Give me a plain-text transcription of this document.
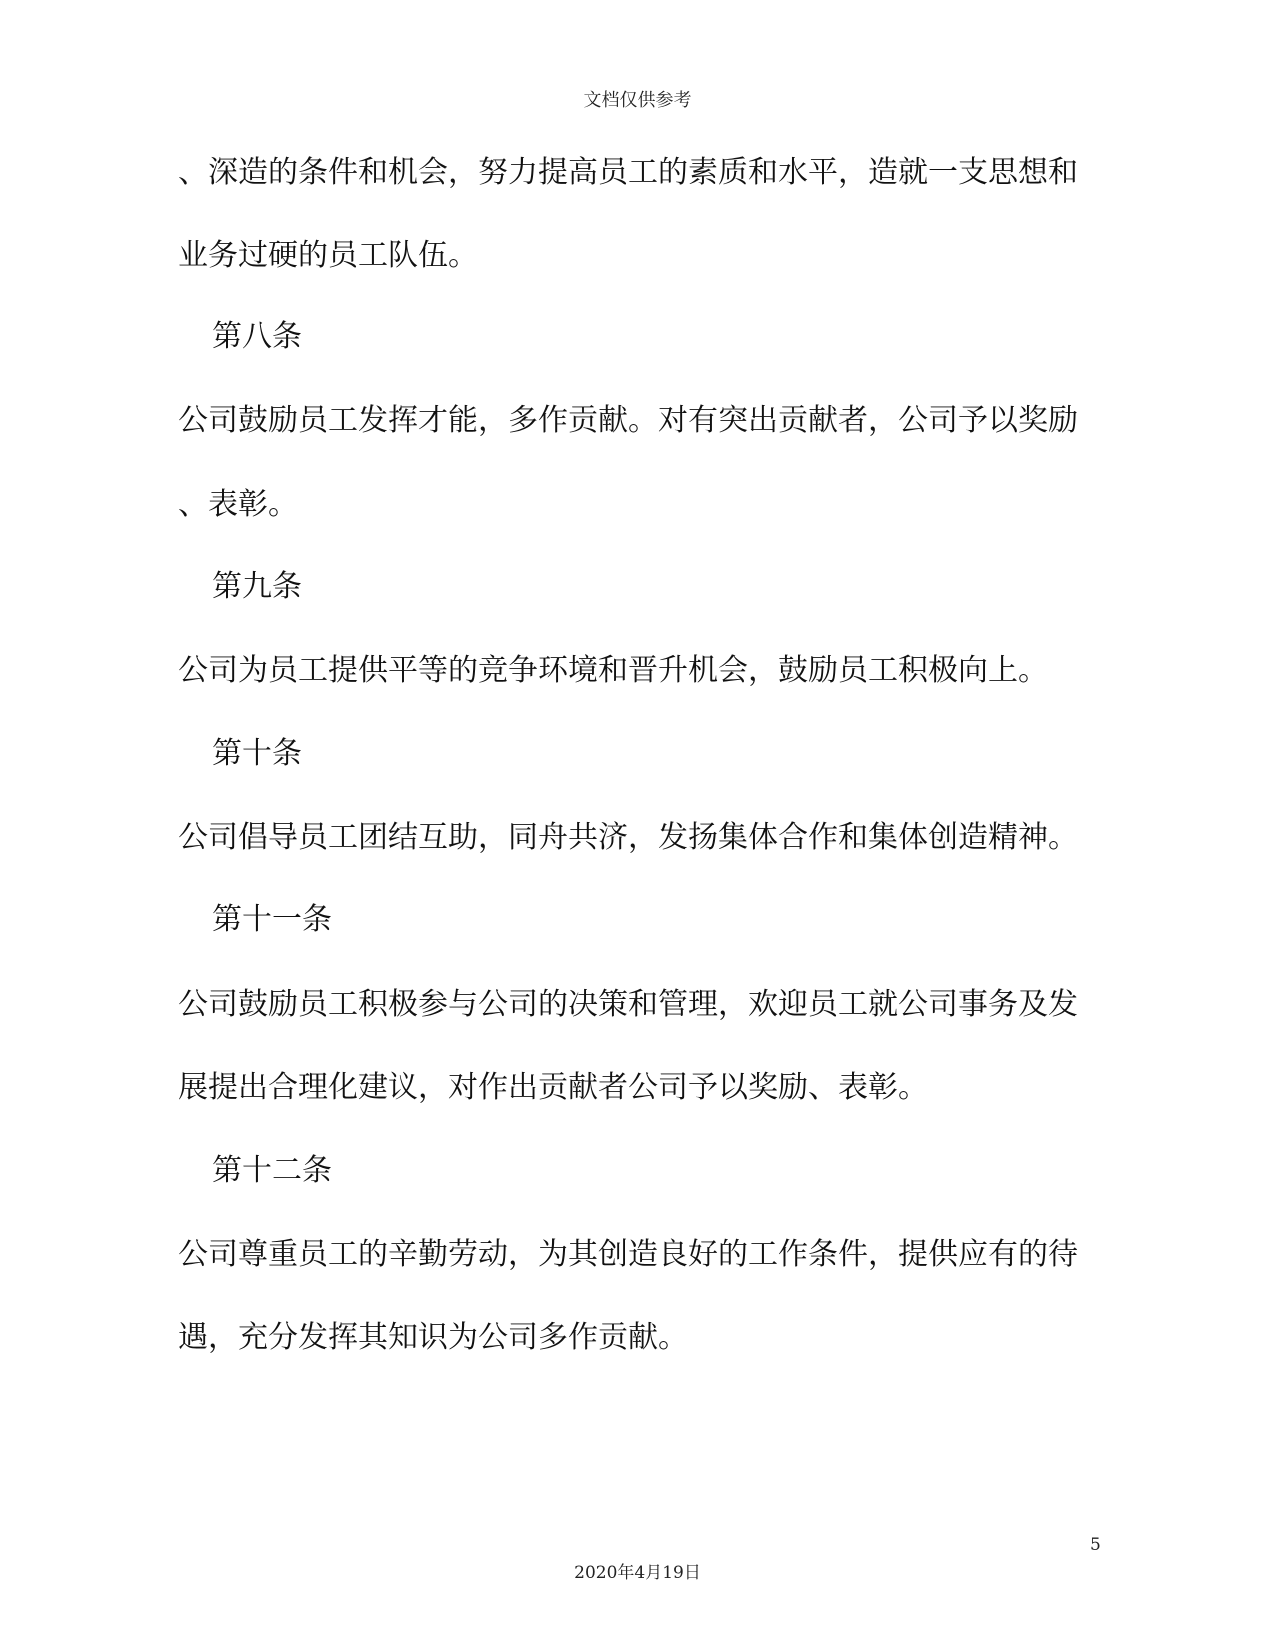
文档仅供参考
、深造的条件和机会，努力提高员工的素质和水平，造就一支思想和
业务过硬的员工队伍。
第八条
公司鼓励员工发挥才能，多作贡献。对有突出贡献者，公司予以奖励
、表彰。
第九条
公司为员工提供平等的竞争环境和晋升机会，鼓励员工积极向上。
第十条
公司倡导员工团结互助，同舟共济，发扬集体合作和集体创造精神。
第十一条
公司鼓励员工积极参与公司的决策和管理，欢迎员工就公司事务及发
展提出合理化建议，对作出贡献者公司予以奖励、表彰。
第十二条
公司尊重员工的辛勤劳动，为其创造良好的工作条件，提供应有的待
遇，充分发挥其知识为公司多作贡献。
5
2020年4月19日
